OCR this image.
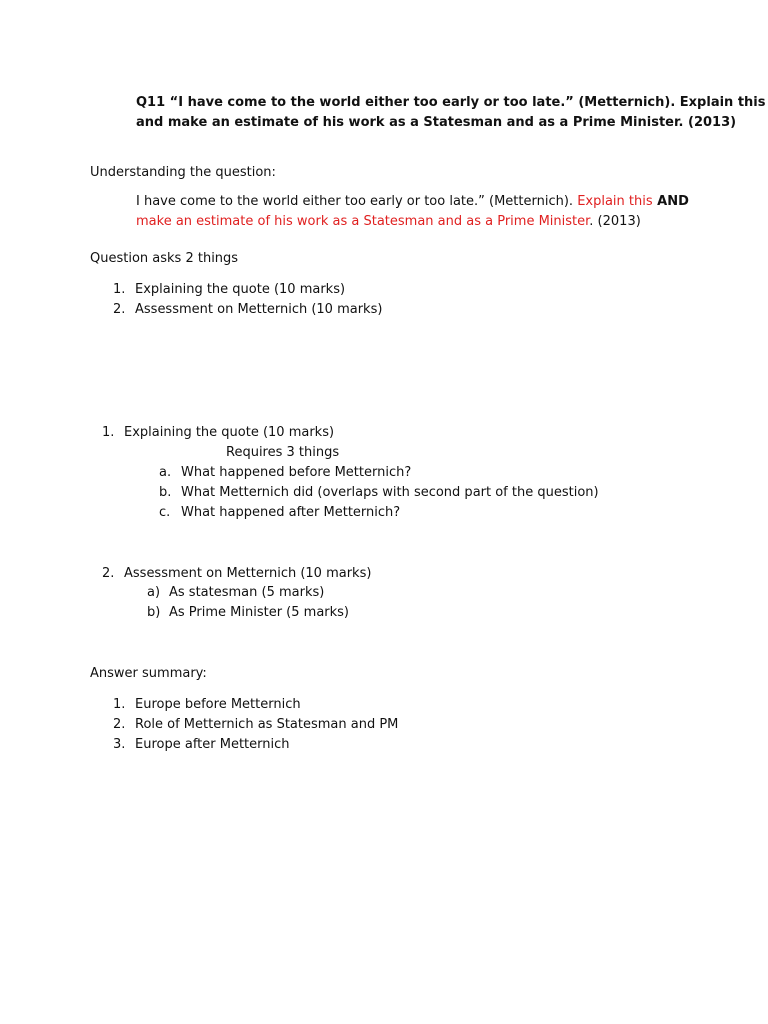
Q11 “I have come to the world either too early or too late.” (Metternich). Explain this
and make an estimate of his work as a Statesman and as a Prime Minister. (2013)
Understanding the question:
I have come to the world either too early or too late.” (Metternich). Explain this AND
make an estimate of his work as a Statesman and as a Prime Minister. (2013)
Question asks 2 things
1. Explaining the quote (10 marks)
2. Assessment on Metternich (10 marks)
1. Explaining the quote (10 marks)
Requires 3 things
a. What happened before Metternich?
b. What Metternich did (overlaps with second part of the question)
c. What happened after Metternich?
2. Assessment on Metternich (10 marks)
a) As statesman (5 marks)
b) As Prime Minister (5 marks)
Answer summary:
1. Europe before Metternich
2. Role of Metternich as Statesman and PM
3. Europe after Metternich
